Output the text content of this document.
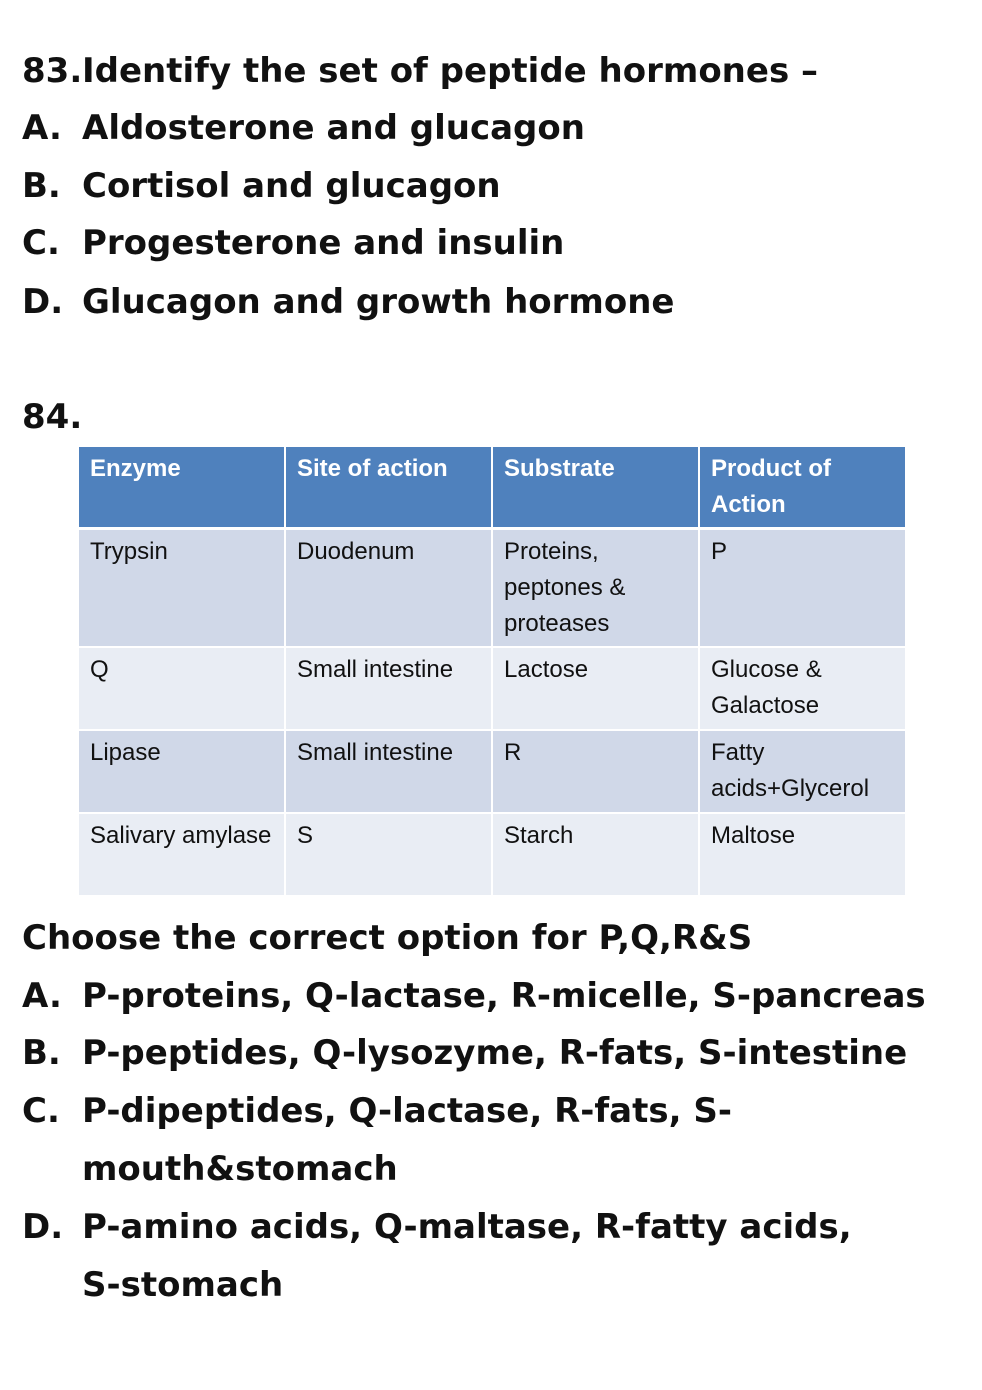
83. Identify the set of peptide hormones –
A. Aldosterone and glucagon
B. Cortisol and glucagon
C. Progesterone and insulin
D. Glucagon and growth hormone
84.
Enzyme	Site of action	Substrate	Product of Action
Trypsin	Duodenum	Proteins, peptones & proteases	P
Q	Small intestine	Lactose	Glucose & Galactose
Lipase	Small intestine	R	Fatty acids+Glycerol
Salivary amylase	S	Starch	Maltose
Choose the correct option for P,Q,R&S
A. P-proteins, Q-lactase, R-micelle, S-pancreas
B. P-peptides, Q-lysozyme, R-fats, S-intestine
C. P-dipeptides, Q-lactase, R-fats, S-mouth&stomach
D. P-amino acids, Q-maltase, R-fatty acids, S-stomach
